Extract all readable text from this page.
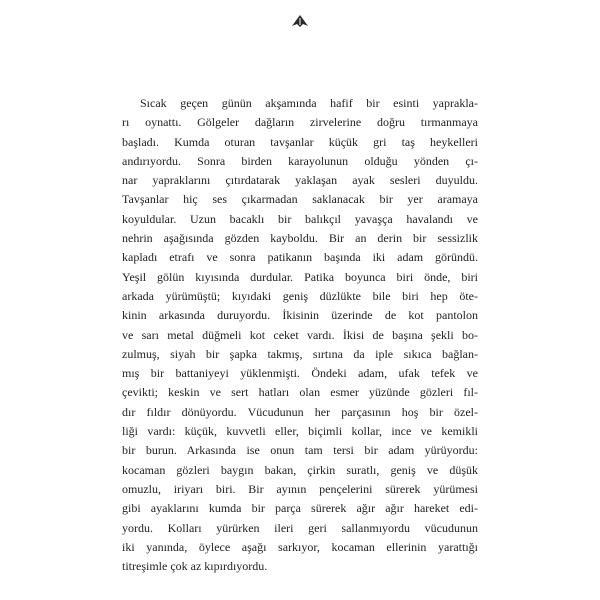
Sıcak geçen günün akşamında hafif bir esinti yaprakla-
rı oynattı. Gölgeler dağların zirvelerine doğru tırmanmaya
başladı. Kumda oturan tavşanlar küçük gri taş heykelleri
andırıyordu. Sonra birden karayolunun olduğu yönden çı-
nar yapraklarını çıtırdatarak yaklaşan ayak sesleri duyuldu.
Tavşanlar hiç ses çıkarmadan saklanacak bir yer aramaya
koyuldular. Uzun bacaklı bir balıkçıl yavaşça havalandı ve
nehrin aşağısında gözden kayboldu. Bir an derin bir sessizlik
kapladı etrafı ve sonra patikanın başında iki adam göründü.
Yeşil gölün kıyısında durdular. Patika boyunca biri önde, biri
arkada yürümüştü; kıyıdaki geniş düzlükte bile biri hep öte-
kinin arkasında duruyordu. İkisinin üzerinde de kot pantolon
ve sarı metal düğmeli kot ceket vardı. İkisi de başına şekli bo-
zulmuş, siyah bir şapka takmış, sırtına da iple sıkıca bağlan-
mış bir battaniyeyi yüklenmişti. Öndeki adam, ufak tefek ve
çevikti; keskin ve sert hatları olan esmer yüzünde gözleri fıl-
dır fıldır dönüyordu. Vücudunun her parçasının hoş bir özel-
liği vardı: küçük, kuvvetli eller, biçimli kollar, ince ve kemikli
bir burun. Arkasında ise onun tam tersi bir adam yürüyordu:
kocaman gözleri baygın bakan, çirkin suratlı, geniş ve düşük
omuzlu, iriyarı biri. Bir ayının pençelerini sürerek yürümesi
gibi ayaklarını kumda bir parça sürerek ağır ağır hareket edi-
yordu. Kolları yürürken ileri geri sallanmıyordu vücudunun
iki yanında, öylece aşağı sarkıyor, kocaman ellerinin yarattığı
titreşimle çok az kıpırdıyordu.
